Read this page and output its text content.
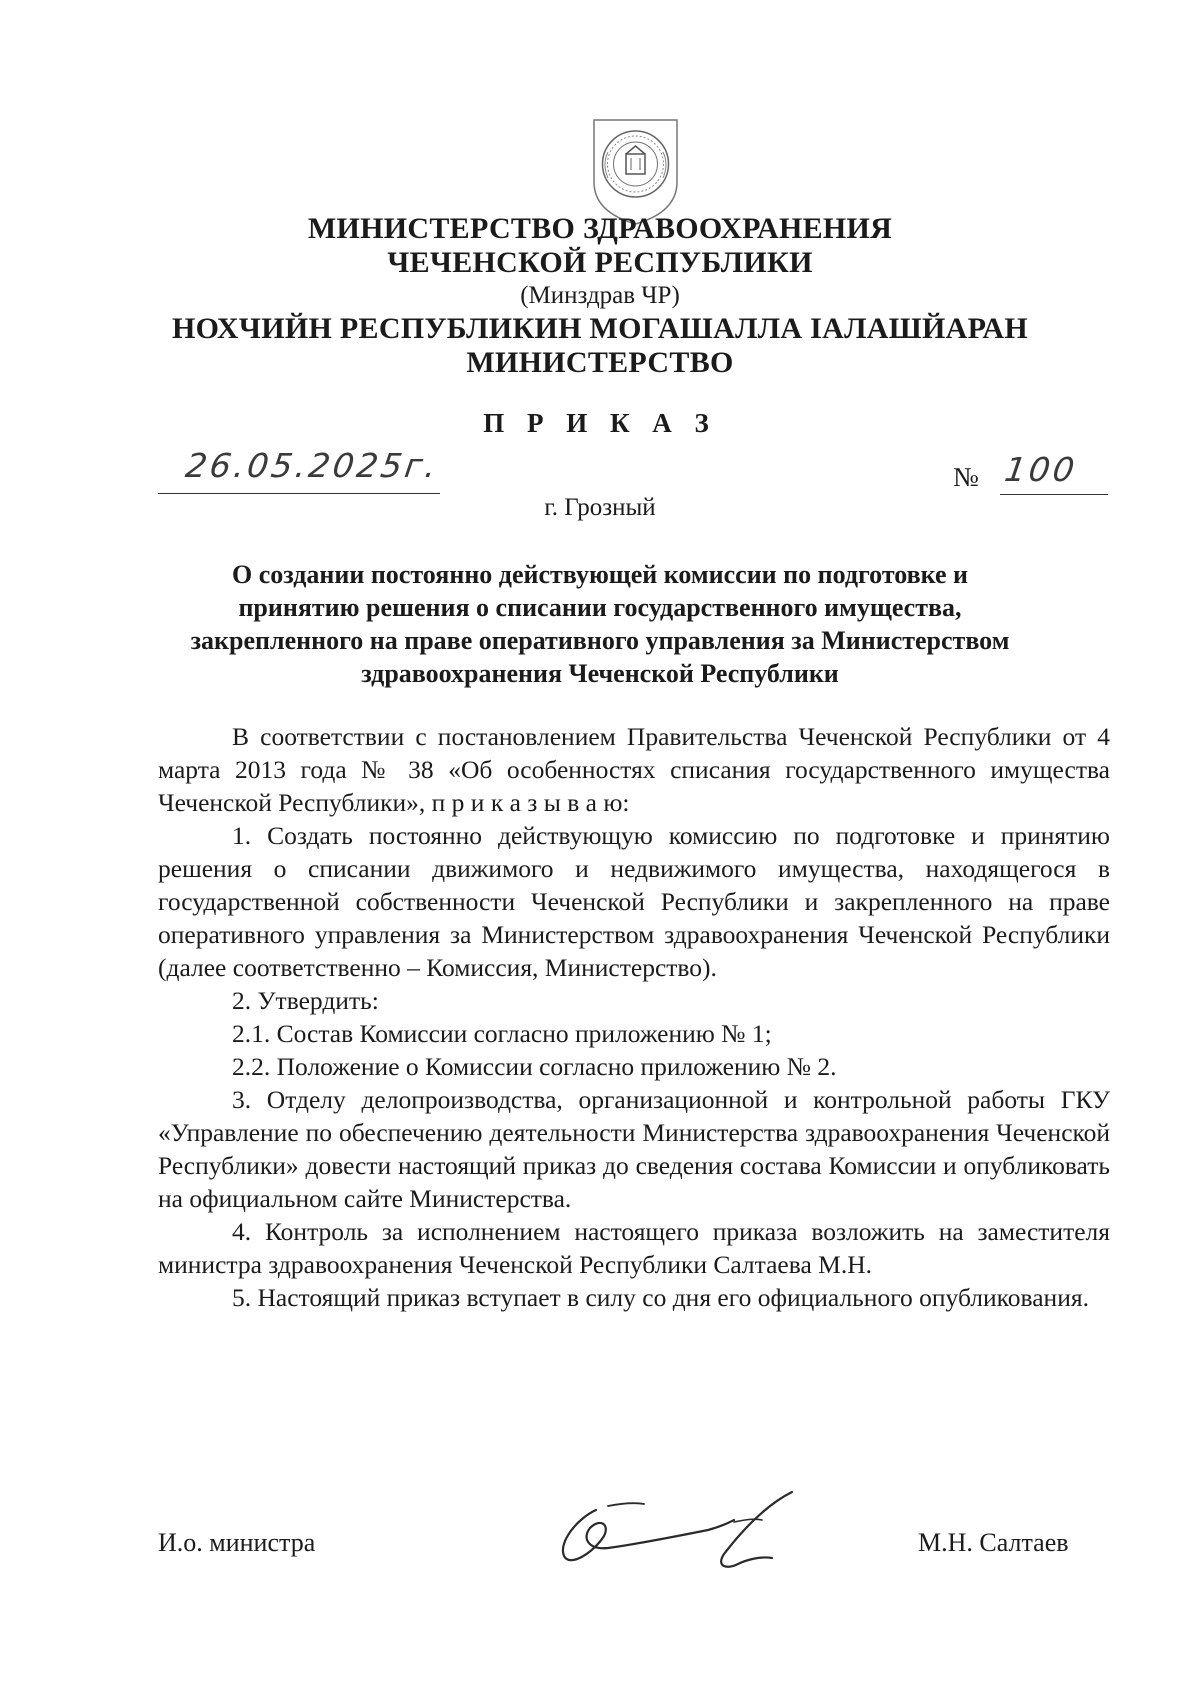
МИНИСТЕРСТВО ЗДРАВООХРАНЕНИЯ
ЧЕЧЕНСКОЙ РЕСПУБЛИКИ
(Минздрав ЧР)
НОХЧИЙН РЕСПУБЛИКИН МОГАШАЛЛА ІАЛАШЙАРАН
МИНИСТЕРСТВО
П Р И К А З
26.05.2025г.	№ 100
г. Грозный
О создании постоянно действующей комиссии по подготовке и
принятию решения о списании государственного имущества,
закрепленного на праве оперативного управления за Министерством
здравоохранения Чеченской Республики

В соответствии с постановлением Правительства Чеченской Республики от 4 марта 2013 года № 38 «Об особенностях списания государственного имущества Чеченской Республики», п р и к а з ы в а ю:

1. Создать постоянно действующую комиссию по подготовке и принятию решения о списании движимого и недвижимого имущества, находящегося в государственной собственности Чеченской Республики и закрепленного на праве оперативного управления за Министерством здравоохранения Чеченской Республики (далее соответственно – Комиссия, Министерство).

2. Утвердить:

2.1. Состав Комиссии согласно приложению № 1;

2.2. Положение о Комиссии согласно приложению № 2.

3. Отделу делопроизводства, организационной и контрольной работы ГКУ «Управление по обеспечению деятельности Министерства здравоохранения Чеченской Республики» довести настоящий приказ до сведения состава Комиссии и опубликовать на официальном сайте Министерства.

4. Контроль за исполнением настоящего приказа возложить на заместителя министра здравоохранения Чеченской Республики Салтаева М.Н.

5. Настоящий приказ вступает в силу со дня его официального опубликования.

И.о. министра	М.Н. Салтаев
